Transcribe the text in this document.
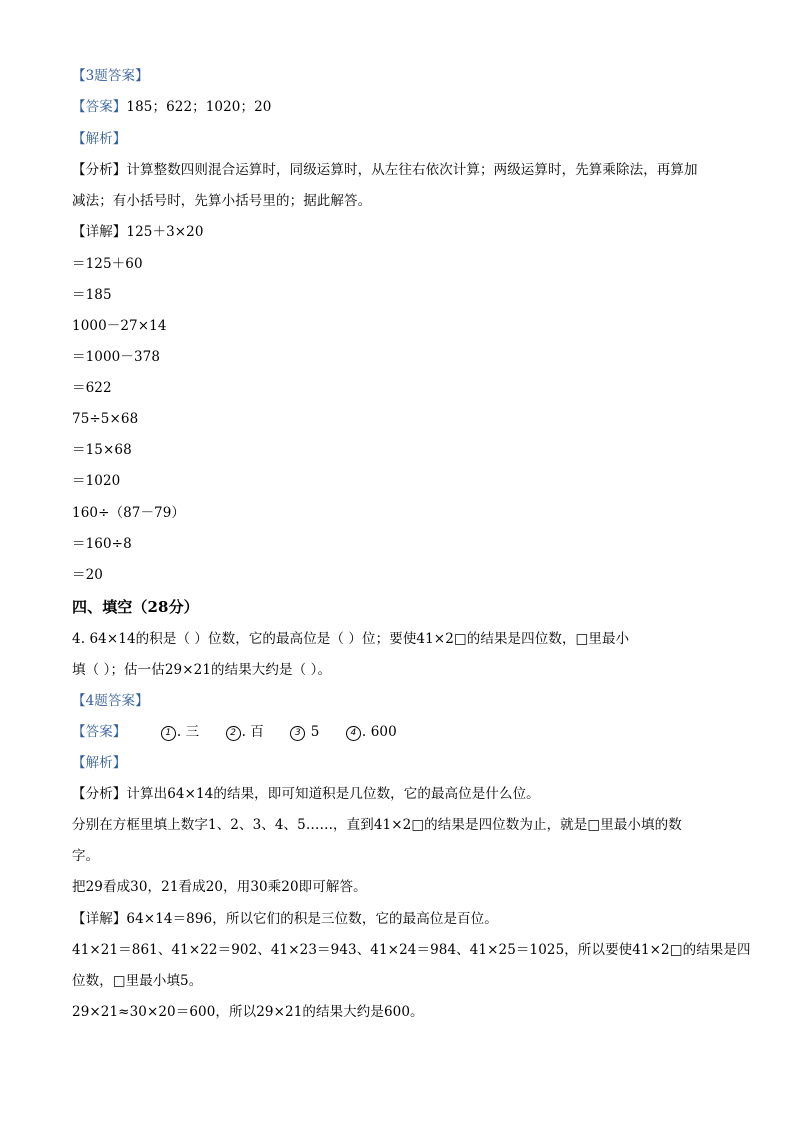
【3题答案】
【答案】185；622；1020；20
【解析】
【分析】计算整数四则混合运算时，同级运算时，从左往右依次计算；两级运算时，先算乘除法，再算加
减法；有小括号时，先算小括号里的；据此解答。
【详解】125＋3×20
＝125＋60
＝185
1000－27×14
＝1000－378
＝622
75÷5×68
＝15×68
＝1020
160÷（87－79）
＝160÷8
＝20
四、填空（28分）
4. 64×14的积是（ ）位数，它的最高位是（ ）位；要使41×2□的结果是四位数，□里最小
填（ ）；估一估29×21的结果大约是（ ）。
【4题答案】
【答案】	1 . 三	2 . 百	3 5	4 . 600
【解析】
【分析】计算出64×14的结果，即可知道积是几位数，它的最高位是什么位。
分别在方框里填上数字1、2、3、4、5……，直到41×2□的结果是四位数为止，就是□里最小填的数
字。
把29看成30，21看成20，用30乘20即可解答。
【详解】64×14＝896，所以它们的积是三位数，它的最高位是百位。
41×21＝861、41×22＝902、41×23＝943、41×24＝984、41×25＝1025，所以要使41×2□的结果是四
位数，□里最小填5。
29×21≈30×20＝600，所以29×21的结果大约是600。
